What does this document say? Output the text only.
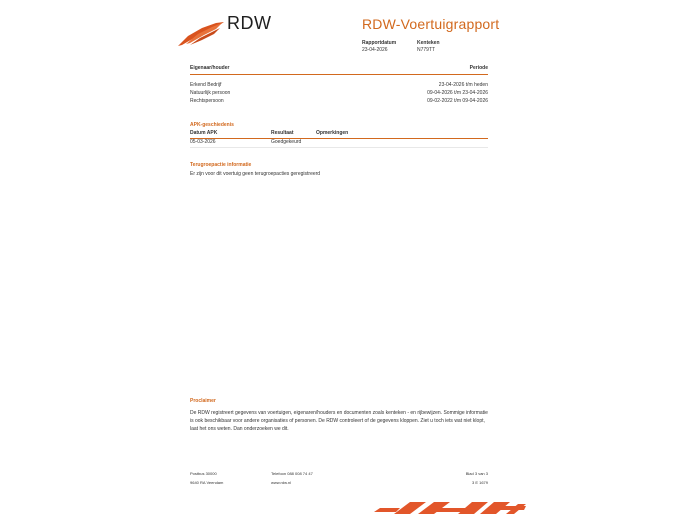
RDW	RDW-Voertuigrapport
Rapportdatum
23-04-2026
Kenteken
N779TT
Eigenaar/houder	Periode
Erkend Bedrijf	23-04-2026 t/m heden
Natuurlijk persoon	09-04-2026 t/m 23-04-2026
Rechtspersoon	09-02-2022 t/m 09-04-2026
APK-geschiedenis
Datum APK	Resultaat	Opmerkingen
05-03-2026	Goedgekeurd
Terugroepactie informatie
Er zijn voor dit voertuig geen terugroepacties geregistreerd
Proclaimer
De RDW registreert gegevens van voertuigen, eigenaren/houders en documenten zoals kenteken - en rijbewijzen. Sommige informatie is ook beschikbaar voor andere organisaties of personen. De RDW controleert of de gegevens kloppen. Ziet u toch iets wat niet klopt, laat het ons weten. Dan onderzoeken we dit.
Postbus 30000
9640 RA Veendam
Telefoon 088 008 74 47
www.rdw.nl
Blad 3 van 3
3 E 1679
